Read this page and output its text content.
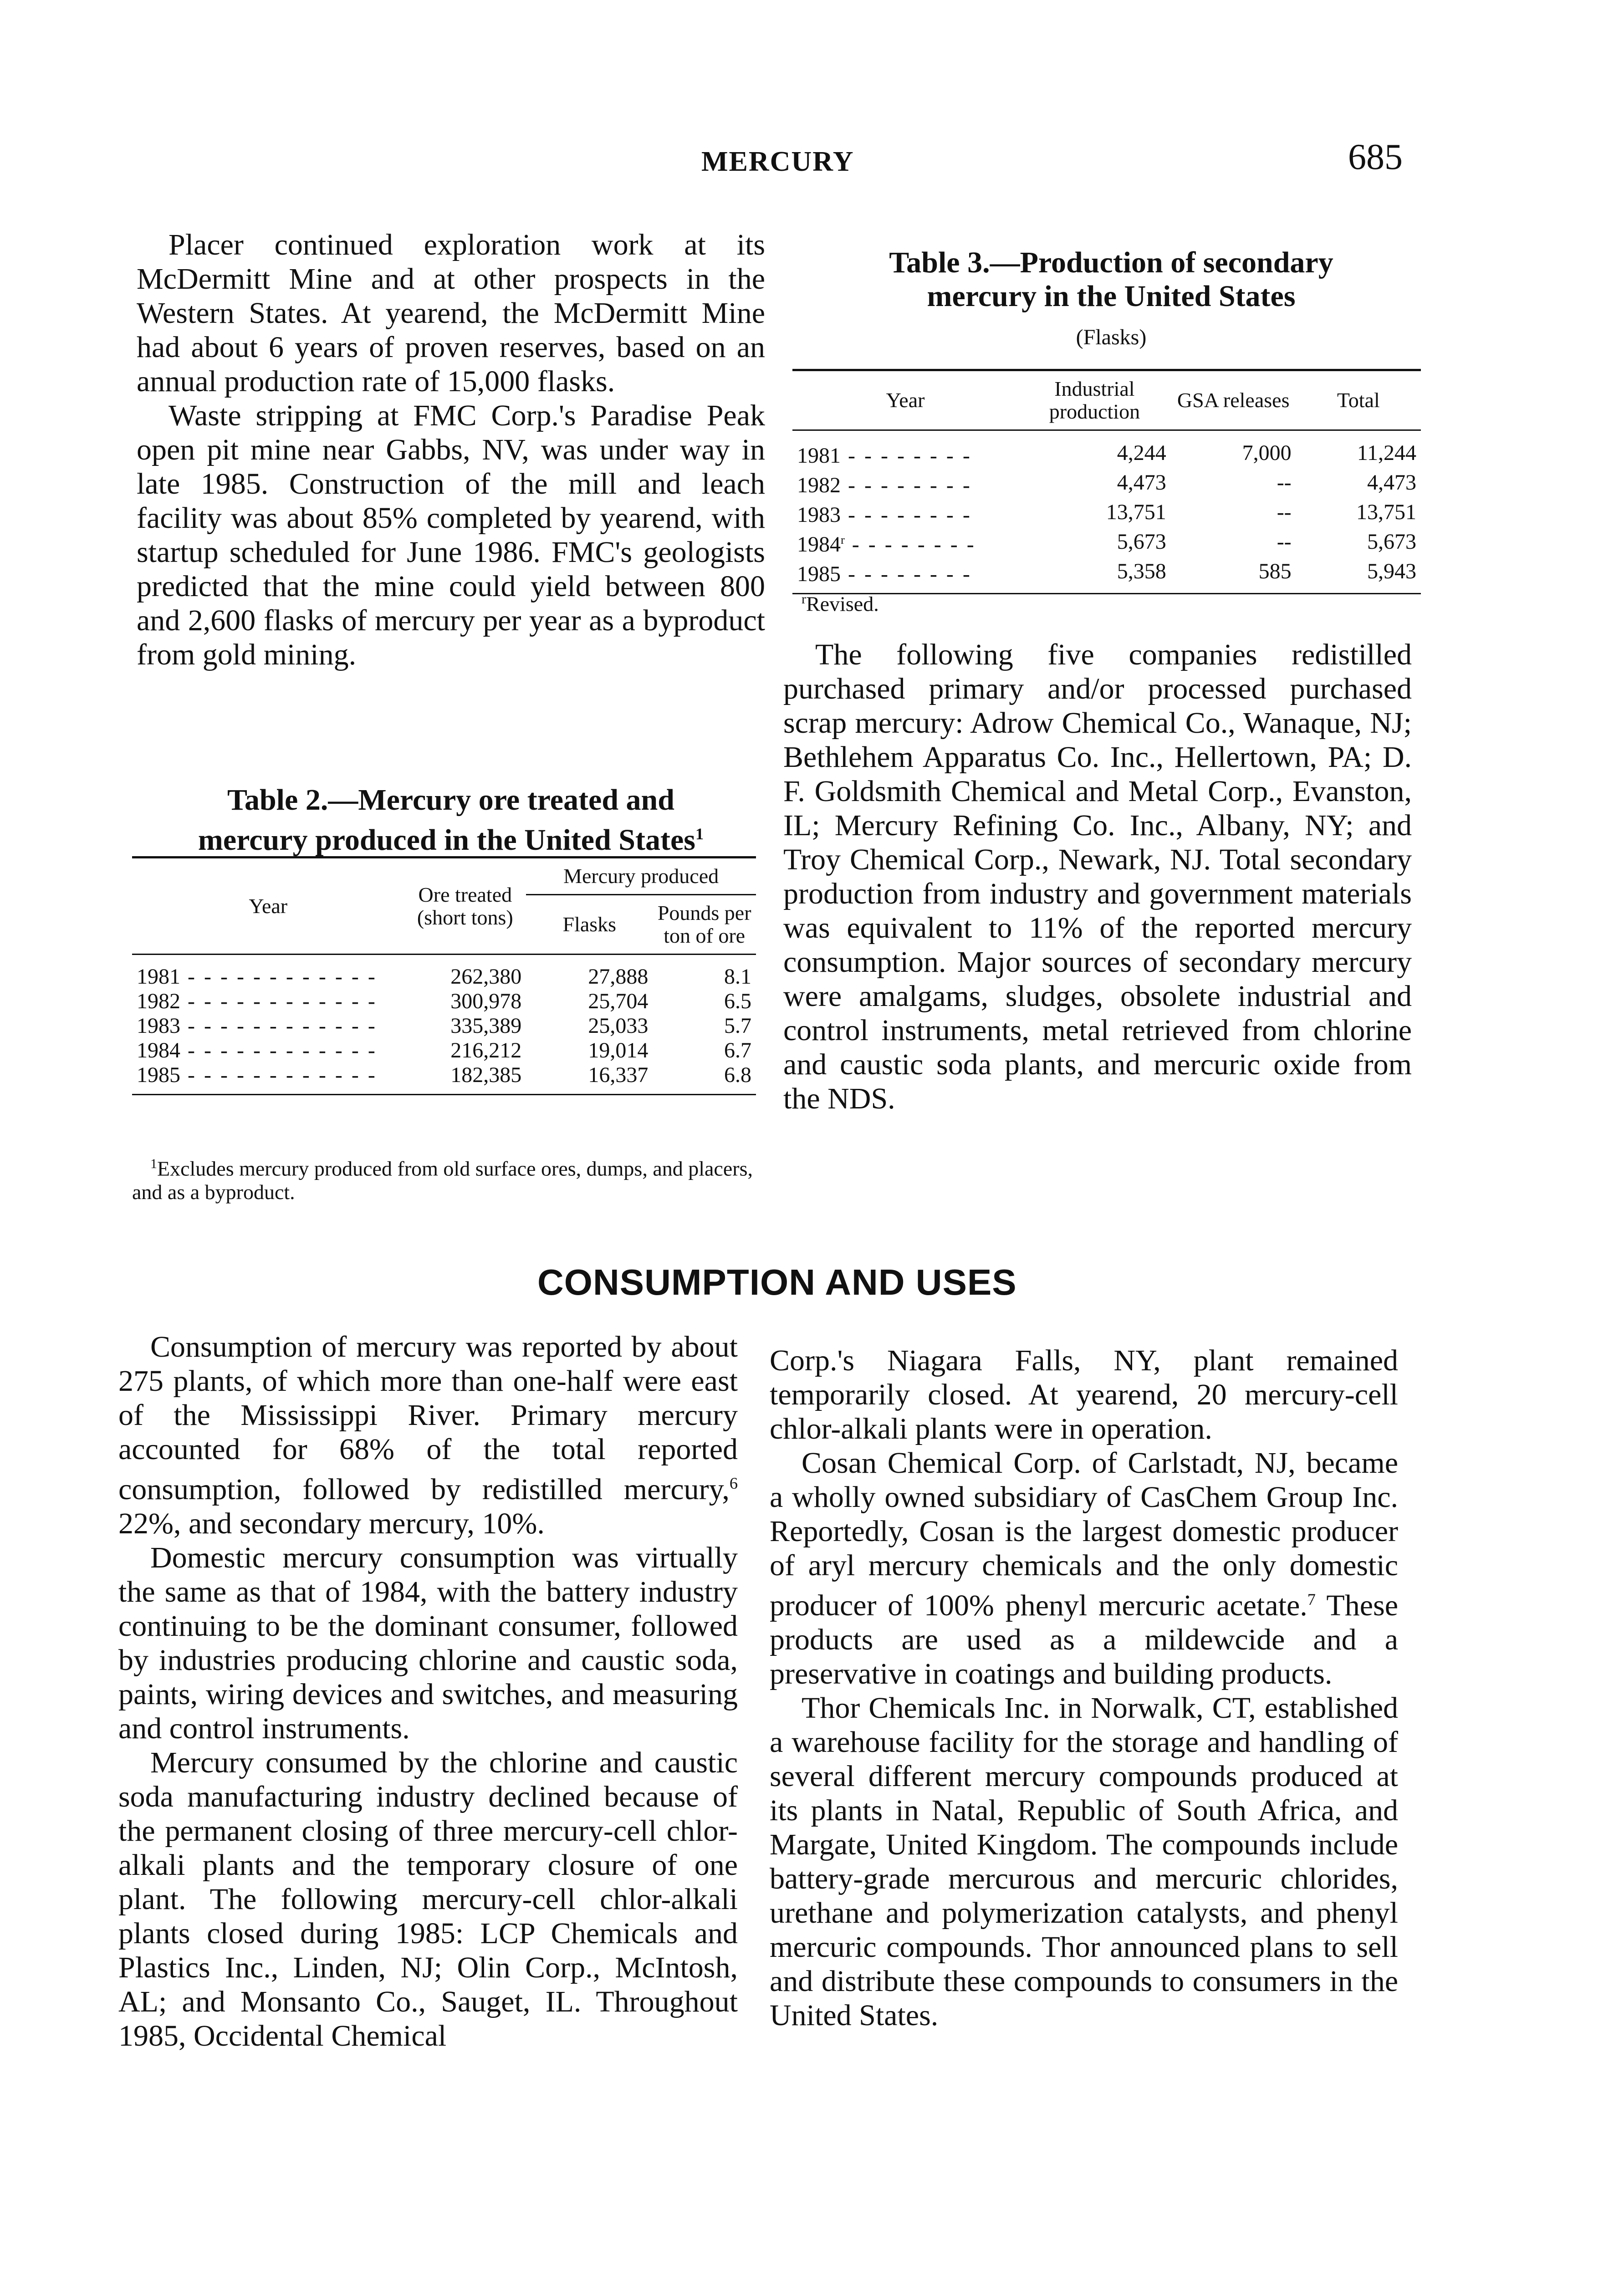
MERCURY	685

Placer continued exploration work at its McDermitt Mine and at other prospects in the Western States. At yearend, the McDermitt Mine had about 6 years of proven reserves, based on an annual production rate of 15,000 flasks.

Waste stripping at FMC Corp.'s Paradise Peak open pit mine near Gabbs, NV, was under way in late 1985. Construction of the mill and leach facility was about 85% completed by yearend, with startup scheduled for June 1986. FMC's geologists predicted that the mine could yield between 800 and 2,600 flasks of mercury per year as a byproduct from gold mining.

Table 2.—Mercury ore treated and
mercury produced in the United States$^1$
Year	Ore treated (short tons)	Mercury produced	
		Flasks	Pounds per ton of ore

1981 - - - - - - - - - - - -	262,380	27,888	8.1
1982 - - - - - - - - - - - -	300,978	25,704	6.5
1983 - - - - - - - - - - - -	335,389	25,033	5.7
1984 - - - - - - - - - - - -	216,212	19,014	6.7
1985 - - - - - - - - - - - -	182,385	16,337	6.8
$^1$Excludes mercury produced from old surface ores, dumps, and placers, and as a byproduct.
Table 3.—Production of secondary
mercury in the United States
(Flasks)
Year	Industrial production	GSA releases	Total

1981 - - - - - - - -	4,244	7,000	11,244
1982 - - - - - - - -	4,473	--	4,473
1983 - - - - - - - -	13,751	--	13,751
1984$^r$ - - - - - - - -	5,673	--	5,673
1985 - - - - - - - -	5,358	585	5,943
$^r$Revised.

The following five companies redistilled purchased primary and/or processed purchased scrap mercury: Adrow Chemical Co., Wanaque, NJ; Bethlehem Apparatus Co. Inc., Hellertown, PA; D. F. Goldsmith Chemical and Metal Corp., Evanston, IL; Mercury Refining Co. Inc., Albany, NY; and Troy Chemical Corp., Newark, NJ. Total secondary production from industry and government materials was equivalent to 11% of the reported mercury consumption. Major sources of secondary mercury were amalgams, sludges, obsolete industrial and control instruments, metal retrieved from chlorine and caustic soda plants, and mercuric oxide from the NDS.

CONSUMPTION AND USES

Consumption of mercury was reported by about 275 plants, of which more than one-half were east of the Mississippi River. Primary mercury accounted for 68% of the total reported consumption, followed by redistilled mercury,$^6$ 22%, and secondary mercury, 10%.

Domestic mercury consumption was virtually the same as that of 1984, with the battery industry continuing to be the dominant consumer, followed by industries producing chlorine and caustic soda, paints, wiring devices and switches, and measuring and control instruments.

Mercury consumed by the chlorine and caustic soda manufacturing industry declined because of the permanent closing of three mercury-cell chlor-alkali plants and the temporary closure of one plant. The following mercury-cell chlor-alkali plants closed during 1985: LCP Chemicals and Plastics Inc., Linden, NJ; Olin Corp., McIntosh, AL; and Monsanto Co., Sauget, IL. Throughout 1985, Occidental Chemical

Corp.'s Niagara Falls, NY, plant remained temporarily closed. At yearend, 20 mercury-cell chlor-alkali plants were in operation.

Cosan Chemical Corp. of Carlstadt, NJ, became a wholly owned subsidiary of CasChem Group Inc. Reportedly, Cosan is the largest domestic producer of aryl mercury chemicals and the only domestic producer of 100% phenyl mercuric acetate.$^7$ These products are used as a mildewcide and a preservative in coatings and building products.

Thor Chemicals Inc. in Norwalk, CT, established a warehouse facility for the storage and handling of several different mercury compounds produced at its plants in Natal, Republic of South Africa, and Margate, United Kingdom. The compounds include battery-grade mercurous and mercuric chlorides, urethane and polymerization catalysts, and phenyl mercuric compounds. Thor announced plans to sell and distribute these compounds to consumers in the United States.
